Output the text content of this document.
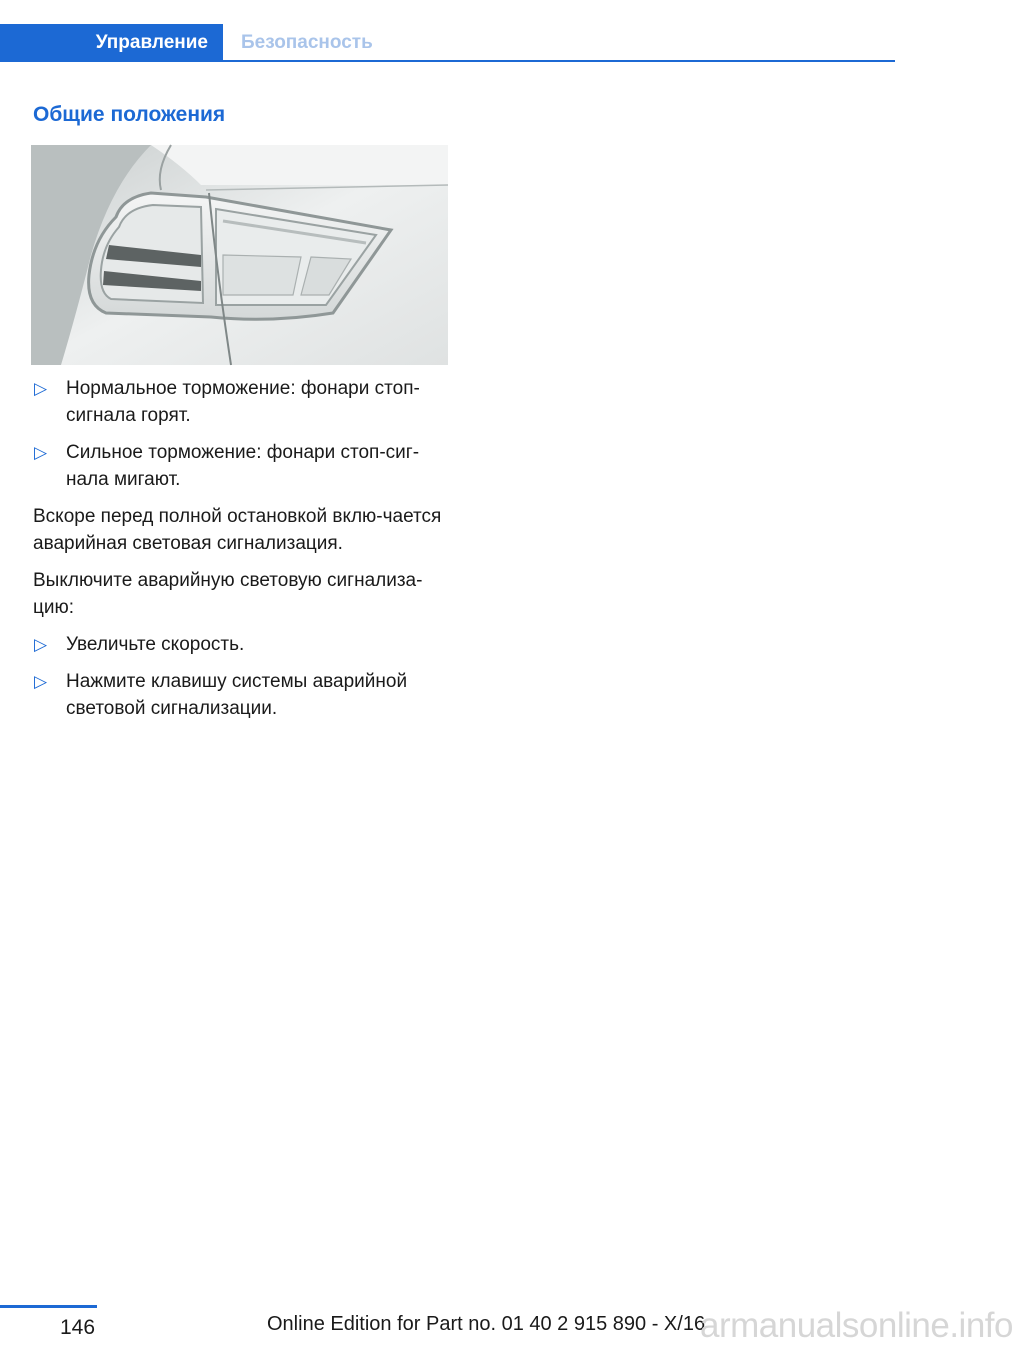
Управление	Безопасность
Общие положения
▷ Нормальное торможение: фонари стоп-сигнала горят.
▷ Сильное торможение: фонари стоп-сиг-нала мигают.

Вскоре перед полной остановкой вклю-чается аварийная световая сигнализация.

Выключите аварийную световую сигнализа-цию:

▷ Увеличьте скорость.
▷ Нажмите клавишу системы аварийной световой сигнализации.
146	Online Edition for Part no. 01 40 2 915 890 - X/16
armanualsonline.info
